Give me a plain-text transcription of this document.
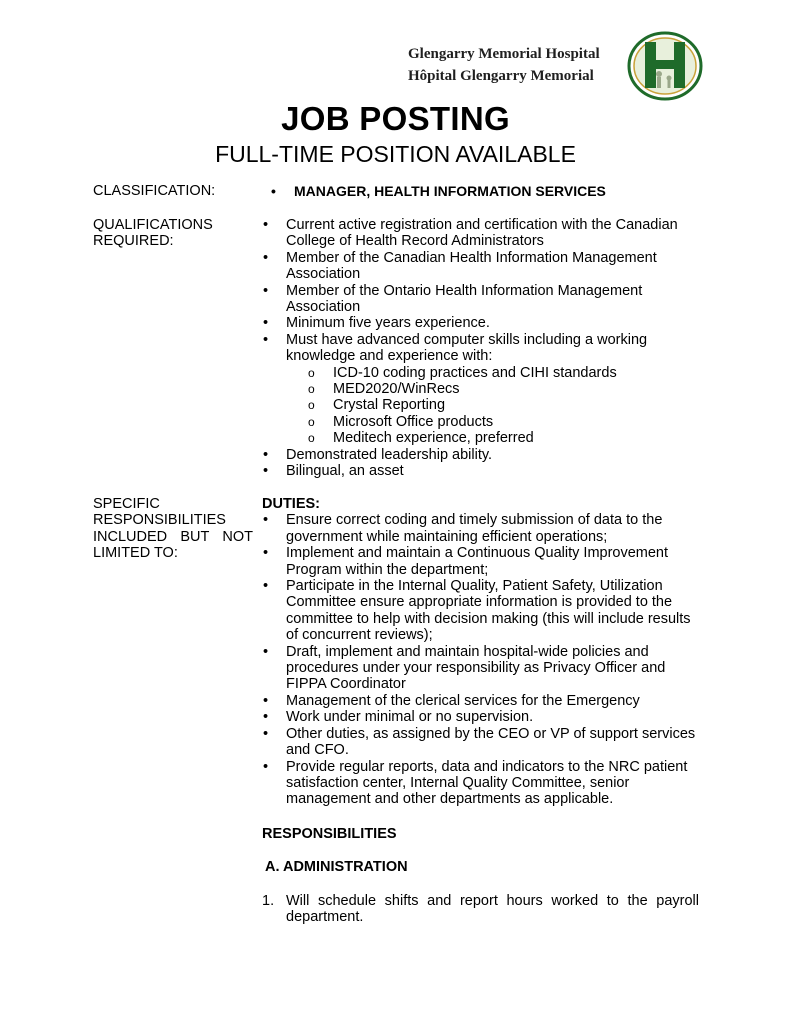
Glengarry Memorial Hospital
Hôpital Glengarry Memorial
JOB POSTING
FULL-TIME POSITION AVAILABLE
CLASSIFICATION:
•	MANAGER, HEALTH INFORMATION SERVICES
QUALIFICATIONS REQUIRED:
• Current active registration and certification with the Canadian College of Health Record Administrators
• Member of the Canadian Health Information Management Association
• Member of the Ontario Health Information Management Association
• Minimum five years experience.
• Must have advanced computer skills including a working knowledge and experience with:
o ICD-10 coding practices and CIHI standards
o MED2020/WinRecs
o Crystal Reporting
o Microsoft Office products
o Meditech experience, preferred
• Demonstrated leadership ability.
• Bilingual, an asset
SPECIFIC RESPONSIBILITIES INCLUDED BUT NOT LIMITED TO:
DUTIES:
• Ensure correct coding and timely submission of data to the government while maintaining efficient operations;
• Implement and maintain a Continuous Quality Improvement Program within the department;
• Participate in the Internal Quality, Patient Safety, Utilization Committee ensure appropriate information is provided to the committee to help with decision making (this will include results of concurrent reviews);
• Draft, implement and maintain hospital-wide policies and procedures under your responsibility as Privacy Officer and FIPPA Coordinator
• Management of the clerical services for the Emergency
• Work under minimal or no supervision.
• Other duties, as assigned by the CEO or VP of support services and CFO.
• Provide regular reports, data and indicators to the NRC patient satisfaction center, Internal Quality Committee, senior management and other departments as applicable.
RESPONSIBILITIES
A. ADMINISTRATION
1. Will schedule shifts and report hours worked to the payroll department.
